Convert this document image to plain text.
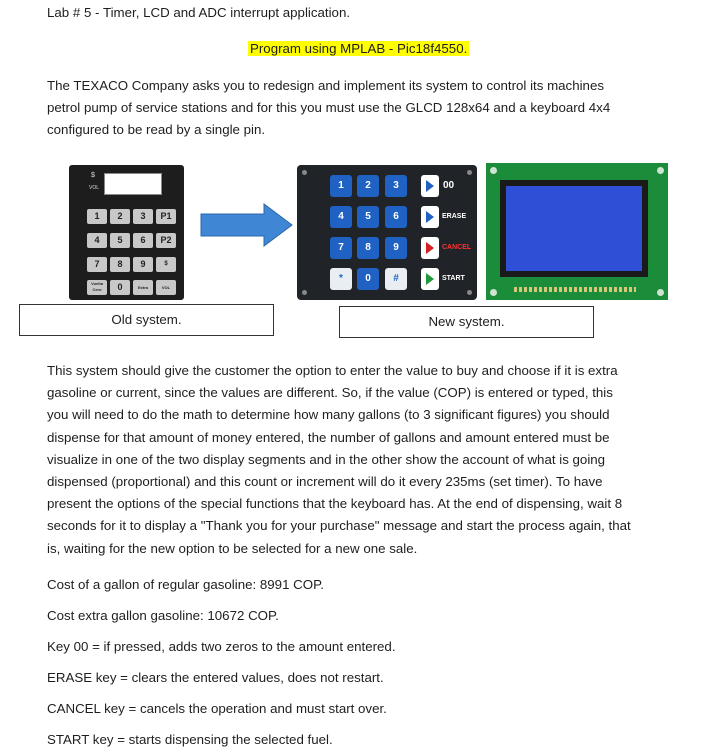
Lab # 5 - Timer, LCD and ADC interrupt application.
Program using MPLAB - Pic18f4550.
The TEXACO Company asks you to redesign and implement its system to control its machines
petrol pump of service stations and for this you must use the GLCD 128x64 and a keyboard 4x4
configured to be read by a single pin.
$
VOL
1	2	3	P1
4	5	6	P2
7	8	9	$
Vuelta Cero	0	Extra	VOL
1	2	3	00
4	5	6	ERASE
7	8	9	CANCEL
*	0	#	START
Old system.	New system.
This system should give the customer the option to enter the value to buy and choose if it is extra
gasoline or current, since the values are different. So, if the value (COP) is entered or typed, this
you will need to do the math to determine how many gallons (to 3 significant figures) you should
dispense for that amount of money entered, the number of gallons and amount entered must be
visualize in one of the two display segments and in the other show the account of what is going
dispensed (proportional) and this count or increment will do it every 235ms (set timer). To have
present the options of the special functions that the keyboard has. At the end of dispensing, wait 8
seconds for it to display a "Thank you for your purchase" message and start the process again, that
is, waiting for the new option to be selected for a new one sale.
Cost of a gallon of regular gasoline: 8991 COP.
Cost extra gallon gasoline: 10672 COP.
Key 00 = if pressed, adds two zeros to the amount entered.
ERASE key = clears the entered values, does not restart.
CANCEL key = cancels the operation and must start over.
START key = starts dispensing the selected fuel.
